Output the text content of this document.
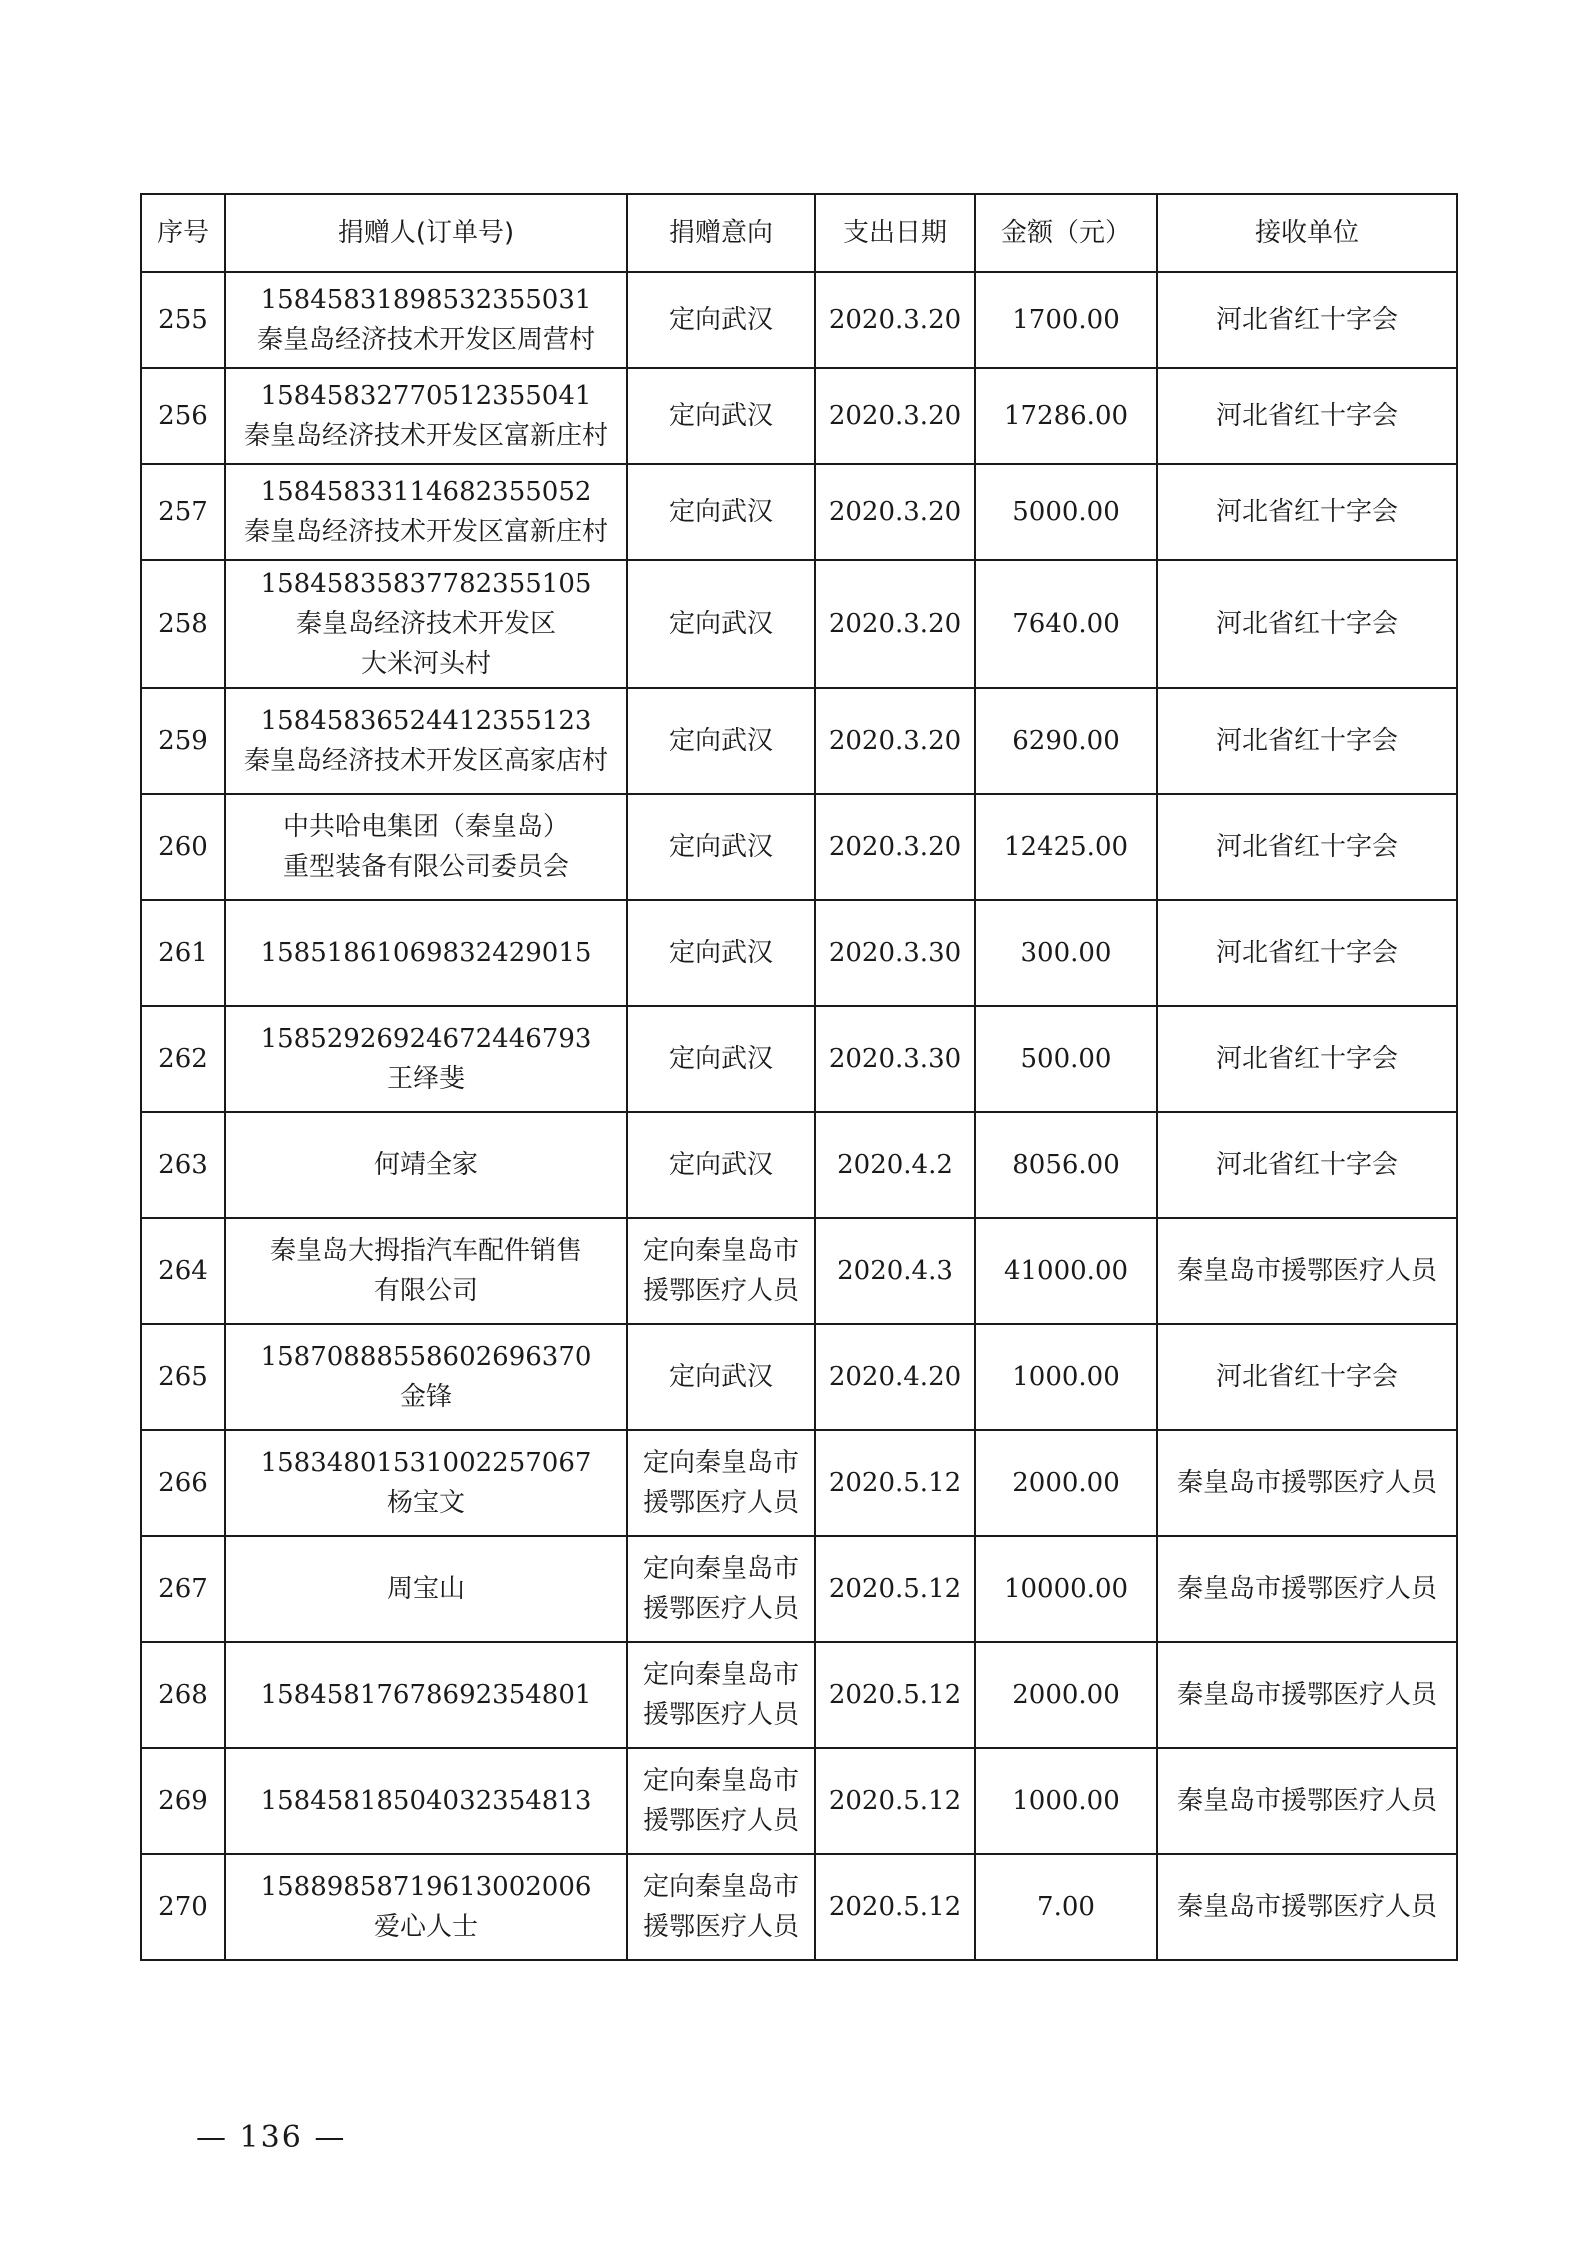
序号	捐赠人(订单号)	捐赠意向	支出日期	金额（元）	接收单位
255	15845831898532355031
秦皇岛经济技术开发区周营村	定向武汉	2020.3.20	1700.00	河北省红十字会
256	15845832770512355041
秦皇岛经济技术开发区富新庄村	定向武汉	2020.3.20	17286.00	河北省红十字会
257	15845833114682355052
秦皇岛经济技术开发区富新庄村	定向武汉	2020.3.20	5000.00	河北省红十字会
258	15845835837782355105
秦皇岛经济技术开发区
大米河头村	定向武汉	2020.3.20	7640.00	河北省红十字会
259	15845836524412355123
秦皇岛经济技术开发区高家店村	定向武汉	2020.3.20	6290.00	河北省红十字会
260	中共哈电集团（秦皇岛）
重型装备有限公司委员会	定向武汉	2020.3.20	12425.00	河北省红十字会
261	15851861069832429015	定向武汉	2020.3.30	300.00	河北省红十字会
262	15852926924672446793
王绎斐	定向武汉	2020.3.30	500.00	河北省红十字会
263	何靖全家	定向武汉	2020.4.2	8056.00	河北省红十字会
264	秦皇岛大拇指汽车配件销售
有限公司	定向秦皇岛市
援鄂医疗人员	2020.4.3	41000.00	秦皇岛市援鄂医疗人员
265	15870888558602696370
金锋	定向武汉	2020.4.20	1000.00	河北省红十字会
266	15834801531002257067
杨宝文	定向秦皇岛市
援鄂医疗人员	2020.5.12	2000.00	秦皇岛市援鄂医疗人员
267	周宝山	定向秦皇岛市
援鄂医疗人员	2020.5.12	10000.00	秦皇岛市援鄂医疗人员
268	15845817678692354801	定向秦皇岛市
援鄂医疗人员	2020.5.12	2000.00	秦皇岛市援鄂医疗人员
269	15845818504032354813	定向秦皇岛市
援鄂医疗人员	2020.5.12	1000.00	秦皇岛市援鄂医疗人员
270	15889858719613002006
爱心人士	定向秦皇岛市
援鄂医疗人员	2020.5.12	7.00	秦皇岛市援鄂医疗人员
— 136 —
